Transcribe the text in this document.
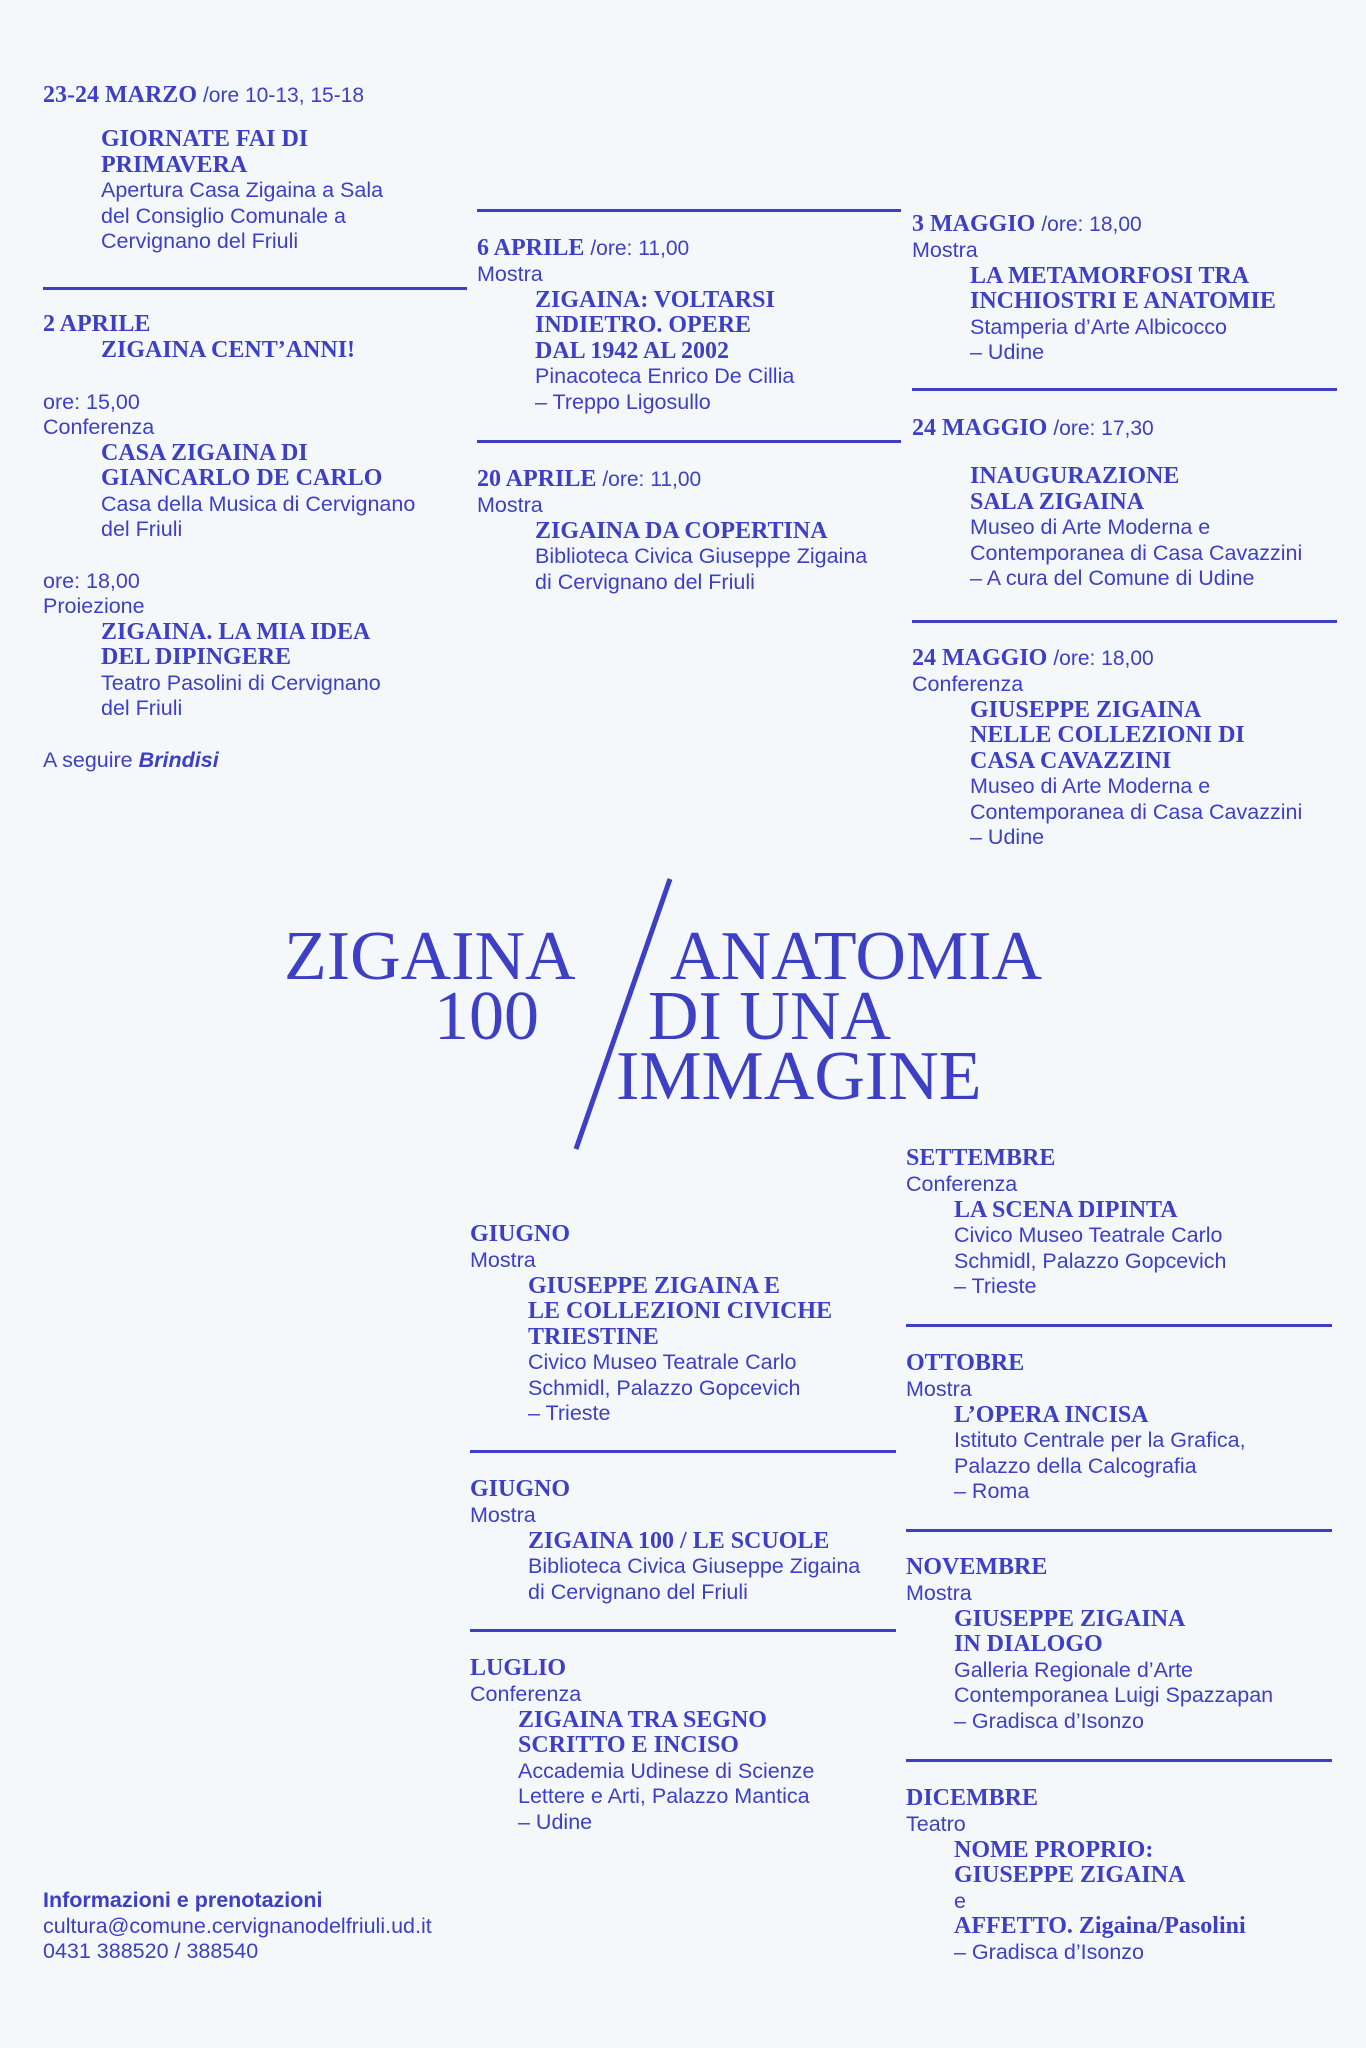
23-24 MARZO /ore 10-13, 15-18
GIORNATE FAI DI
PRIMAVERA
Apertura Casa Zigaina a Sala
del Consiglio Comunale a
Cervignano del Friuli
2 APRILE
ZIGAINA CENT’ANNI!
ore: 15,00
Conferenza
CASA ZIGAINA DI
GIANCARLO DE CARLO
Casa della Musica di Cervignano
del Friuli
ore: 18,00
Proiezione
ZIGAINA. LA MIA IDEA
DEL DIPINGERE
Teatro Pasolini di Cervignano
del Friuli
A seguire Brindisi
6 APRILE /ore: 11,00
Mostra
ZIGAINA: VOLTARSI
INDIETRO. OPERE
DAL 1942 AL 2002
Pinacoteca Enrico De Cillia
– Treppo Ligosullo
20 APRILE /ore: 11,00
Mostra
ZIGAINA DA COPERTINA
Biblioteca Civica Giuseppe Zigaina
di Cervignano del Friuli
3 MAGGIO /ore: 18,00
Mostra
LA METAMORFOSI TRA
INCHIOSTRI E ANATOMIE
Stamperia d’Arte Albicocco
– Udine
24 MAGGIO /ore: 17,30
INAUGURAZIONE
SALA ZIGAINA
Museo di Arte Moderna e
Contemporanea di Casa Cavazzini
– A cura del Comune di Udine
24 MAGGIO /ore: 18,00
Conferenza
GIUSEPPE ZIGAINA
NELLE COLLEZIONI DI
CASA CAVAZZINI
Museo di Arte Moderna e
Contemporanea di Casa Cavazzini
– Udine
ZIGAINA
100
ANATOMIA
DI UNA
IMMAGINE
GIUGNO
Mostra
GIUSEPPE ZIGAINA E
LE COLLEZIONI CIVICHE
TRIESTINE
Civico Museo Teatrale Carlo
Schmidl, Palazzo Gopcevich
– Trieste
GIUGNO
Mostra
ZIGAINA 100 / LE SCUOLE
Biblioteca Civica Giuseppe Zigaina
di Cervignano del Friuli
LUGLIO
Conferenza
ZIGAINA TRA SEGNO
SCRITTO E INCISO
Accademia Udinese di Scienze
Lettere e Arti, Palazzo Mantica
– Udine
SETTEMBRE
Conferenza
LA SCENA DIPINTA
Civico Museo Teatrale Carlo
Schmidl, Palazzo Gopcevich
– Trieste
OTTOBRE
Mostra
L’OPERA INCISA
Istituto Centrale per la Grafica,
Palazzo della Calcografia
– Roma
NOVEMBRE
Mostra
GIUSEPPE ZIGAINA
IN DIALOGO
Galleria Regionale d’Arte
Contemporanea Luigi Spazzapan
– Gradisca d’Isonzo
DICEMBRE
Teatro
NOME PROPRIO:
GIUSEPPE ZIGAINA
e
AFFETTO. Zigaina/Pasolini
– Gradisca d’Isonzo
Informazioni e prenotazioni
cultura@comune.cervignanodelfriuli.ud.it
0431 388520 / 388540
